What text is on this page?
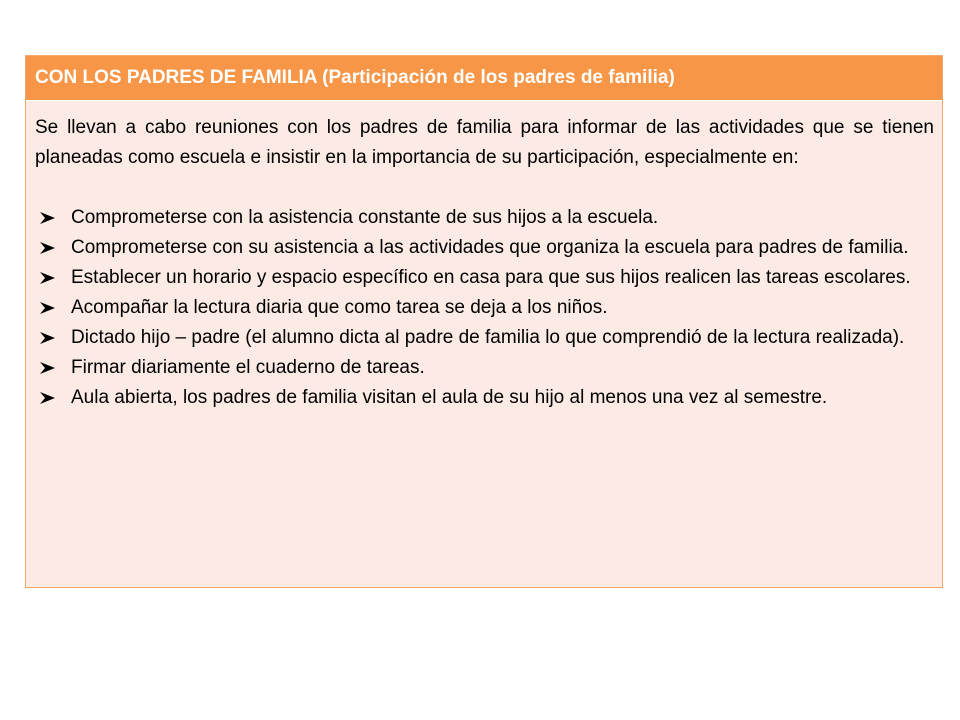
CON LOS PADRES DE FAMILIA (Participación de los padres de familia)

Se llevan a cabo reuniones con los padres de familia para informar de las actividades que se tienen planeadas como escuela e insistir en la importancia de su participación, especialmente en:

Comprometerse con la asistencia constante de sus hijos a la escuela.
Comprometerse con su asistencia a las actividades que organiza la escuela para padres de familia.
Establecer un horario y espacio específico en casa para que sus hijos realicen las tareas escolares.
Acompañar la lectura diaria que como tarea se deja a los niños.
Dictado hijo – padre (el alumno dicta al padre de familia lo que comprendió de la lectura realizada).
Firmar diariamente el cuaderno de tareas.
Aula abierta, los padres de familia visitan el aula de su hijo al menos una vez al semestre.
